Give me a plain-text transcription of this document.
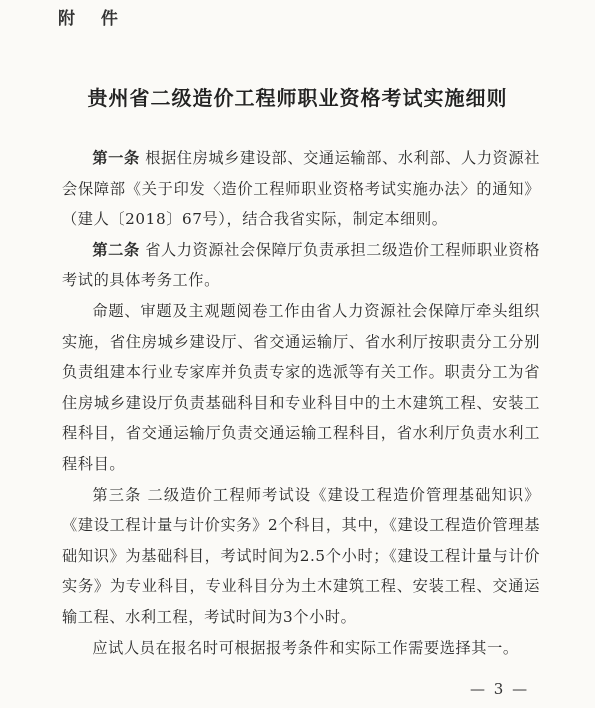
附 件
贵州省二级造价工程师职业资格考试实施细则

第一条 根据住房城乡建设部、交通运输部、水利部、人力资源社会保障部《关于印发〈造价工程师职业资格考试实施办法〉的通知》（建人〔2018〕67号），结合我省实际，制定本细则。

第二条 省人力资源社会保障厅负责承担二级造价工程师职业资格考试的具体考务工作。

命题、审题及主观题阅卷工作由省人力资源社会保障厅牵头组织实施，省住房城乡建设厅、省交通运输厅、省水利厅按职责分工分别负责组建本行业专家库并负责专家的选派等有关工作。职责分工为省住房城乡建设厅负责基础科目和专业科目中的土木建筑工程、安装工程科目，省交通运输厅负责交通运输工程科目，省水利厅负责水利工程科目。

第三条 二级造价工程师考试设《建设工程造价管理基础知识》《建设工程计量与计价实务》2个科目，其中，《建设工程造价管理基础知识》为基础科目，考试时间为2.5个小时；《建设工程计量与计价实务》为专业科目，专业科目分为土木建筑工程、安装工程、交通运输工程、水利工程，考试时间为3个小时。

应试人员在报名时可根据报考条件和实际工作需要选择其一。

— 3 —
